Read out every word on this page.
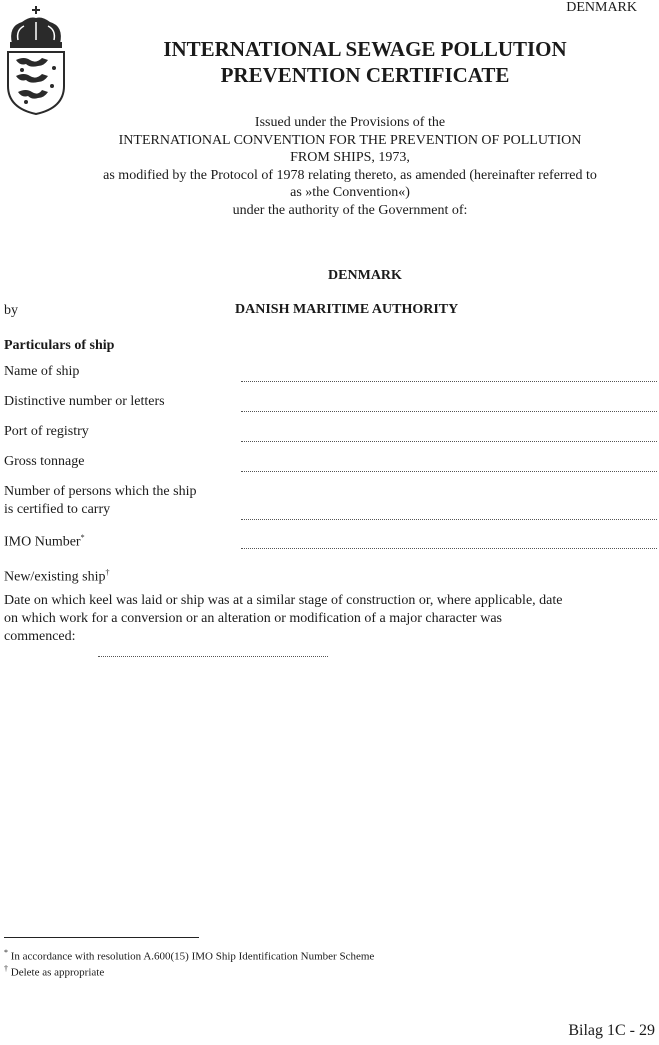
DENMARK
INTERNATIONAL SEWAGE POLLUTION
PREVENTION CERTIFICATE
Issued under the Provisions of the
INTERNATIONAL CONVENTION FOR THE PREVENTION OF POLLUTION
FROM SHIPS, 1973,
as modified by the Protocol of 1978 relating thereto, as amended (hereinafter referred to
as »the Convention«)
under the authority of the Government of:
DENMARK
by	DANISH MARITIME AUTHORITY
Particulars of ship
Name of ship
Distinctive number or letters
Port of registry
Gross tonnage
Number of persons which the ship
is certified to carry
IMO Number*
New/existing ship†
Date on which keel was laid or ship was at a similar stage of construction or, where applicable, date
on which work for a conversion or an alteration or modification of a major character was
commenced:
* In accordance with resolution A.600(15) IMO Ship Identification Number Scheme
† Delete as appropriate
Bilag 1C - 29
